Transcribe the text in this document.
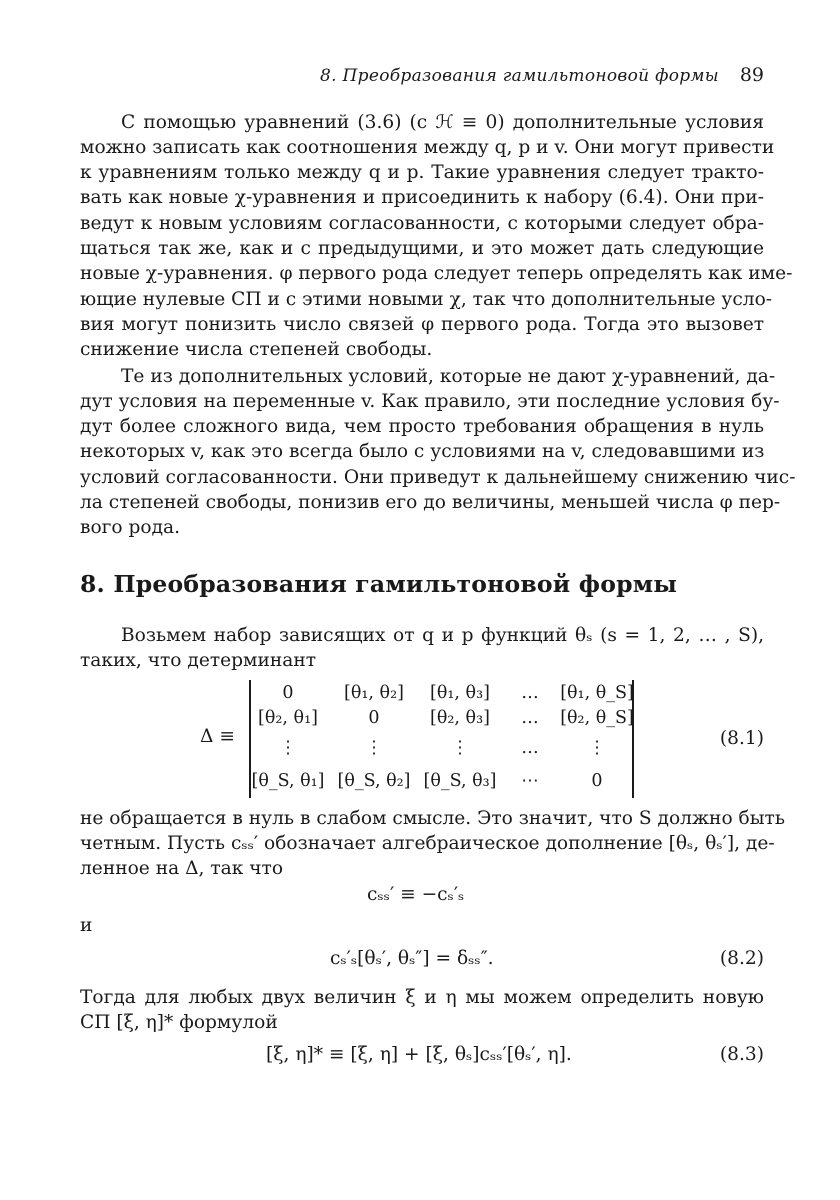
8. Преобразования гамильтоновой формы 89
С помощью уравнений (3.6) (с ℋ ≡ 0) дополнительные условия
можно записать как соотношения между q, p и v. Они могут привести
к уравнениям только между q и p. Такие уравнения следует тракто-
вать как новые χ-уравнения и присоединить к набору (6.4). Они при-
ведут к новым условиям согласованности, с которыми следует обра-
щаться так же, как и с предыдущими, и это может дать следующие
новые χ-уравнения. φ первого рода следует теперь определять как име-
ющие нулевые СП и с этими новыми χ, так что дополнительные усло-
вия могут понизить число связей φ первого рода. Тогда это вызовет
снижение числа степеней свободы.
Те из дополнительных условий, которые не дают χ-уравнений, да-
дут условия на переменные v. Как правило, эти последние условия бу-
дут более сложного вида, чем просто требования обращения в нуль
некоторых v, как это всегда было с условиями на v, следовавшими из
условий согласованности. Они приведут к дальнейшему снижению чис-
ла степеней свободы, понизив его до величины, меньшей числа φ пер-
вого рода.
8. Преобразования гамильтоновой формы
Возьмем набор зависящих от q и p функций θₛ (s = 1, 2, … , S),
таких, что детерминант
Δ ≡
0	[θ₁, θ₂]	[θ₁, θ₃]	…	[θ₁, θ_S]
[θ₂, θ₁]	0	[θ₂, θ₃]	…	[θ₂, θ_S]
⋮	⋮	⋮	…	⋮
[θ_S, θ₁] [θ_S, θ₂] [θ_S, θ₃]	⋯	0
(8.1)
не обращается в нуль в слабом смысле. Это значит, что S должно быть
четным. Пусть cₛₛ′ обозначает алгебраическое дополнение [θₛ, θₛ′], де-
ленное на Δ, так что
cₛₛ′ ≡ −cₛ′ₛ
и
cₛ′ₛ[θₛ′, θₛ″] = δₛₛ″.	(8.2)
Тогда для любых двух величин ξ и η мы можем определить новую
СП [ξ, η]* формулой
[ξ, η]* ≡ [ξ, η] + [ξ, θₛ]cₛₛ′[θₛ′, η].	(8.3)
